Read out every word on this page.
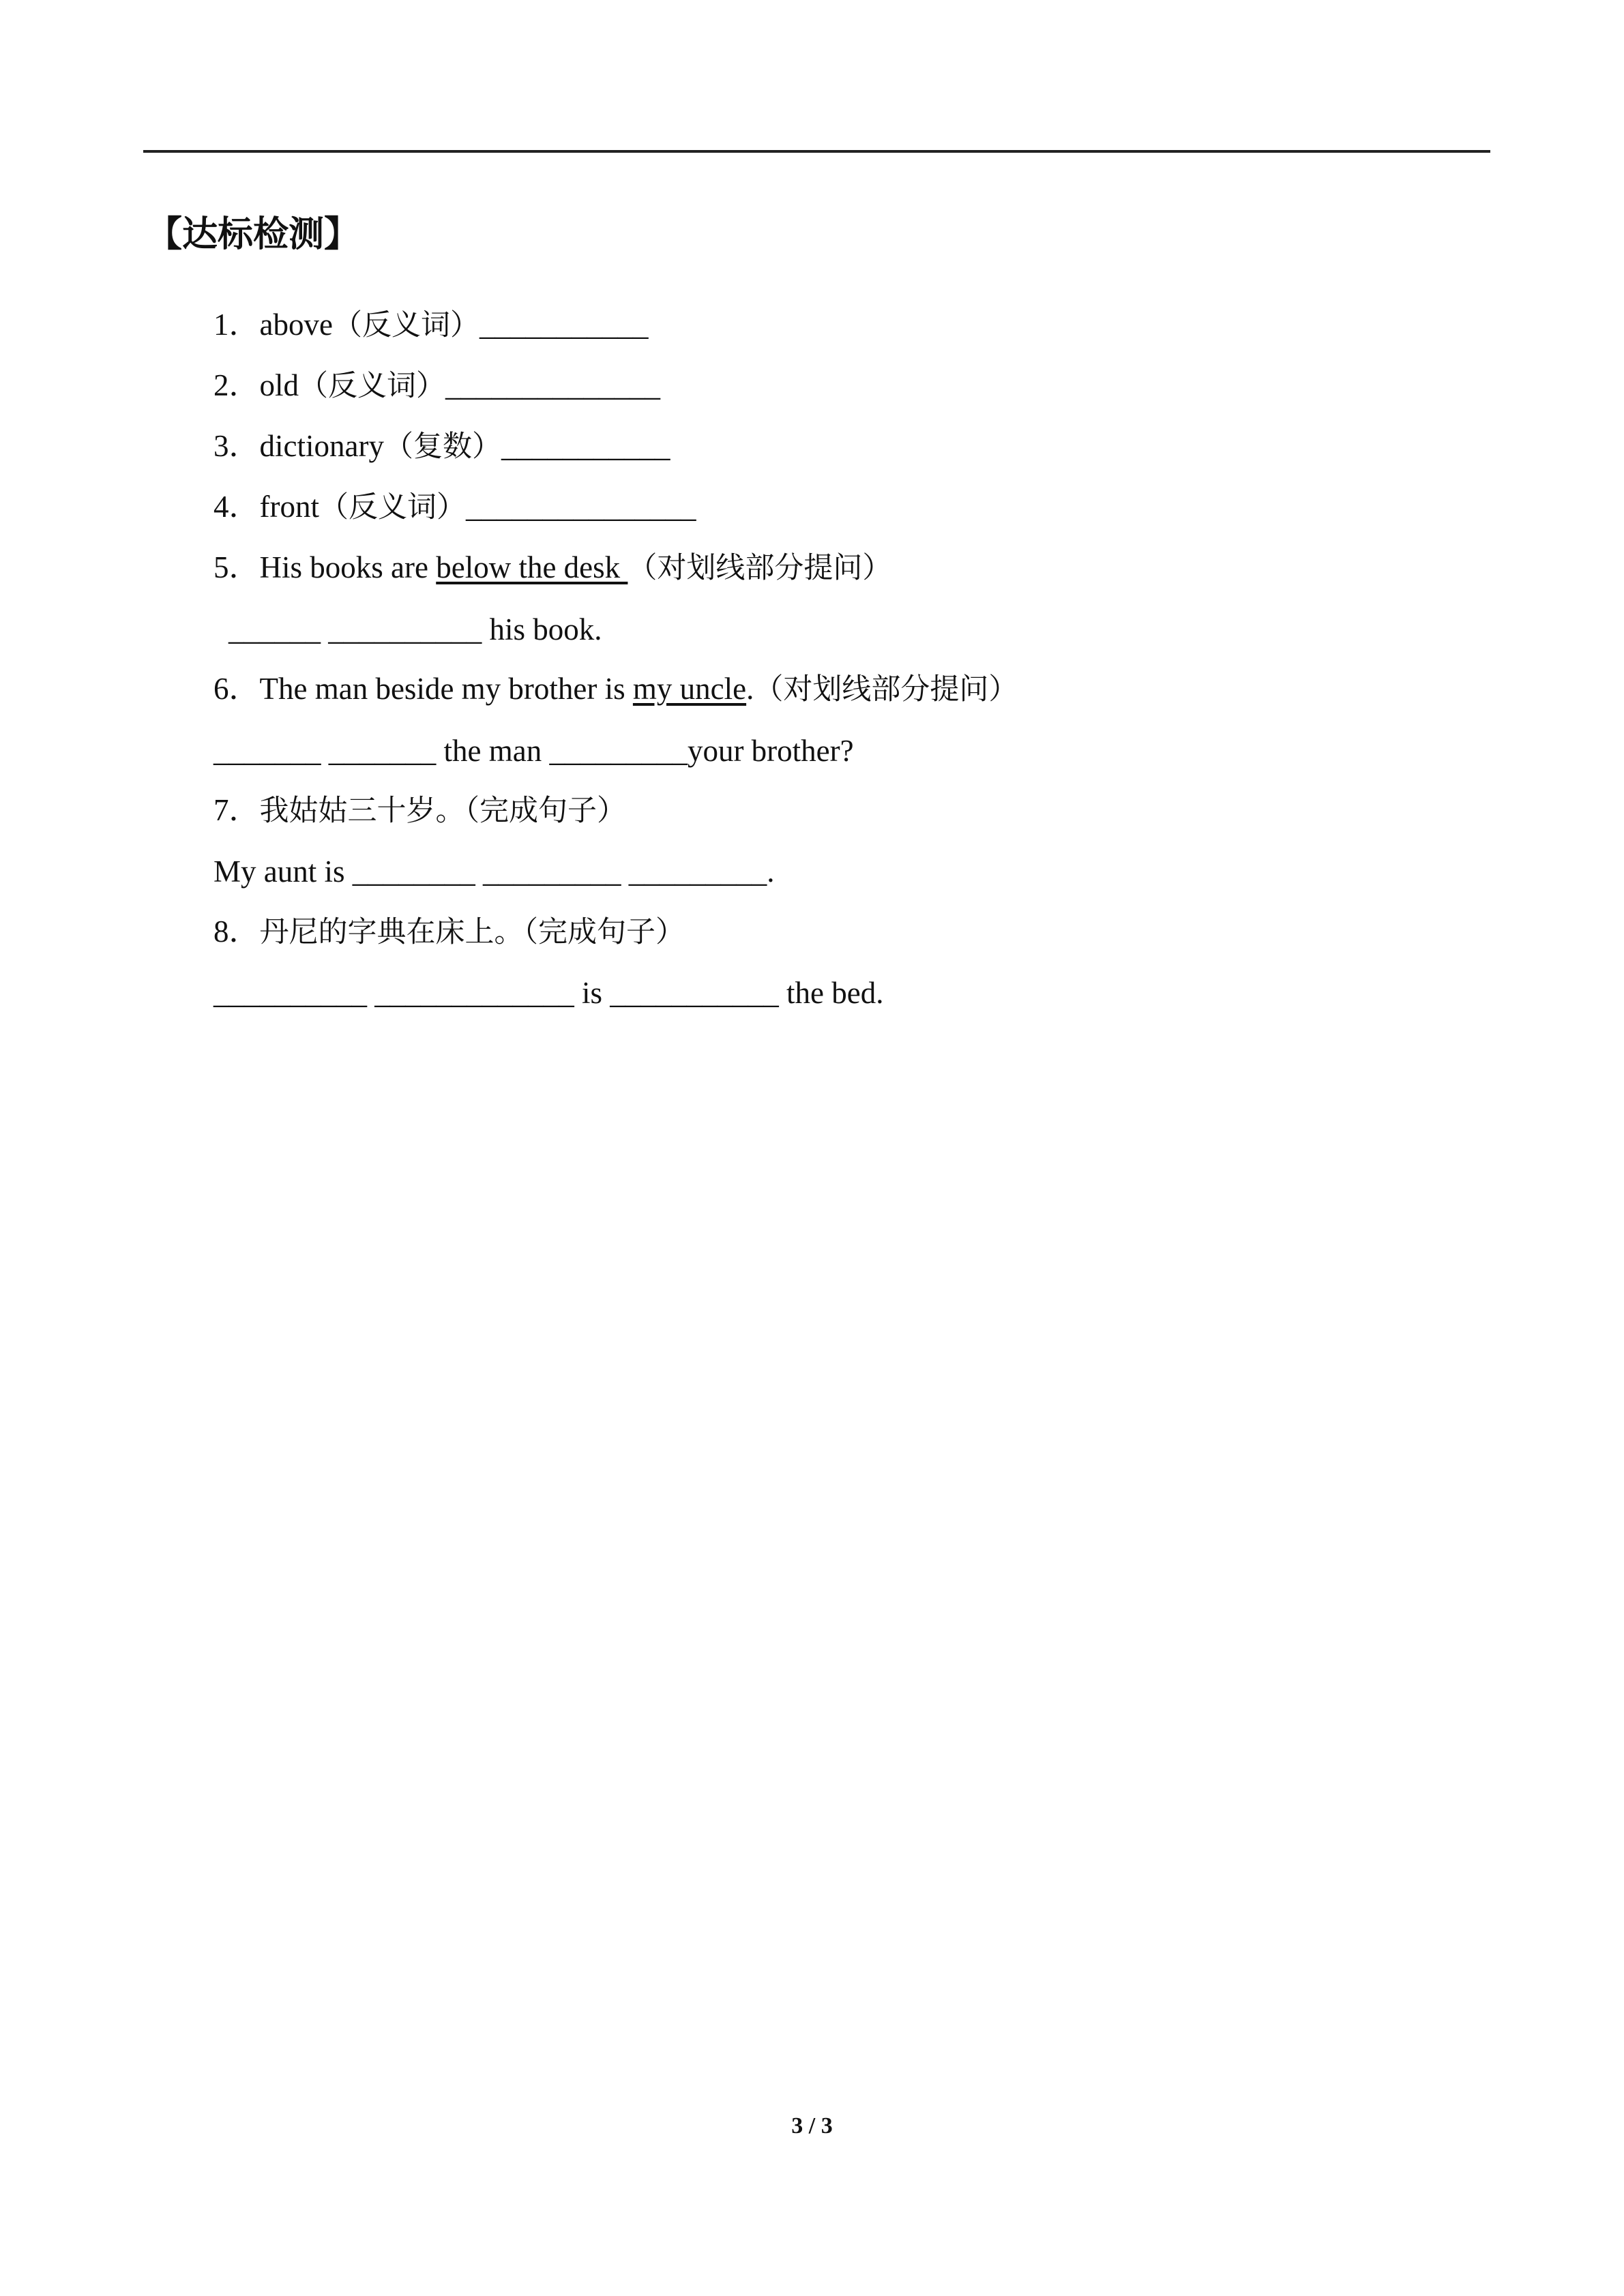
【达标检测】
1．above（反义词）___________
2．old（反义词）______________
3．dictionary（复数）___________
4．front（反义词）_______________
5．His books are below the desk （对划线部分提问）
______ __________ his book.
6．The man beside my brother is my uncle.（对划线部分提问）
_______ _______ the man _________your brother?
7．我姑姑三十岁。（完成句子）
My aunt is ________ _________ _________.
8．丹尼的字典在床上。（完成句子）
__________ _____________ is ___________ the bed.
3 / 3
